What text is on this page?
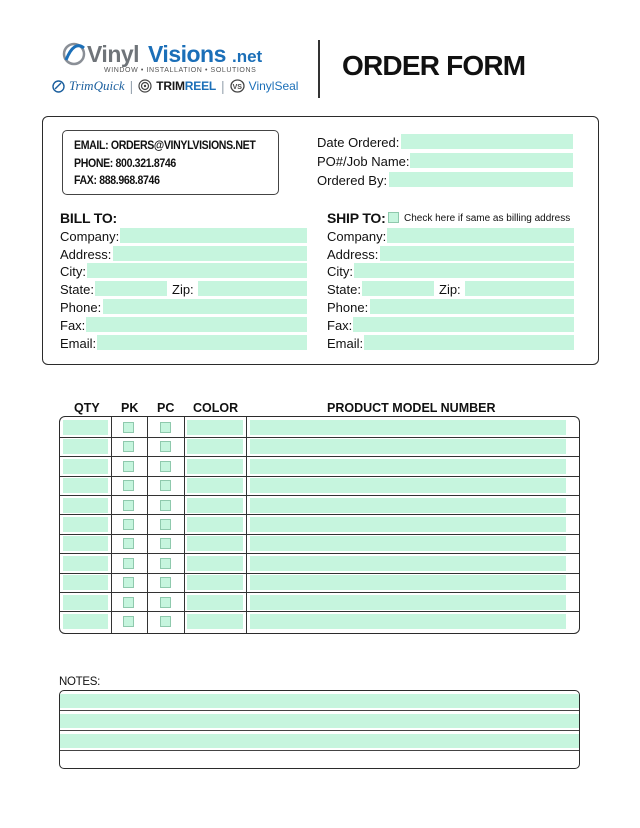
Vinyl Visions .net
WINDOW • INSTALLATION • SOLUTIONS
TrimQuick | TRIMREEL | VS VinylSeal
ORDER FORM
EMAIL: ORDERS@VINYLVISIONS.NET
PHONE: 800.321.8746
FAX: 888.968.8746
Date Ordered:
PO#/Job Name:
Ordered By:
BILL TO:
Company:
Address:
City:
State:	Zip:
Phone:
Fax:
Email:
SHIP TO: Check here if same as billing address
Company:
Address:
City:
State:	Zip:
Phone:
Fax:
Email:
QTY PK PC COLOR	PRODUCT MODEL NUMBER
NOTES:
